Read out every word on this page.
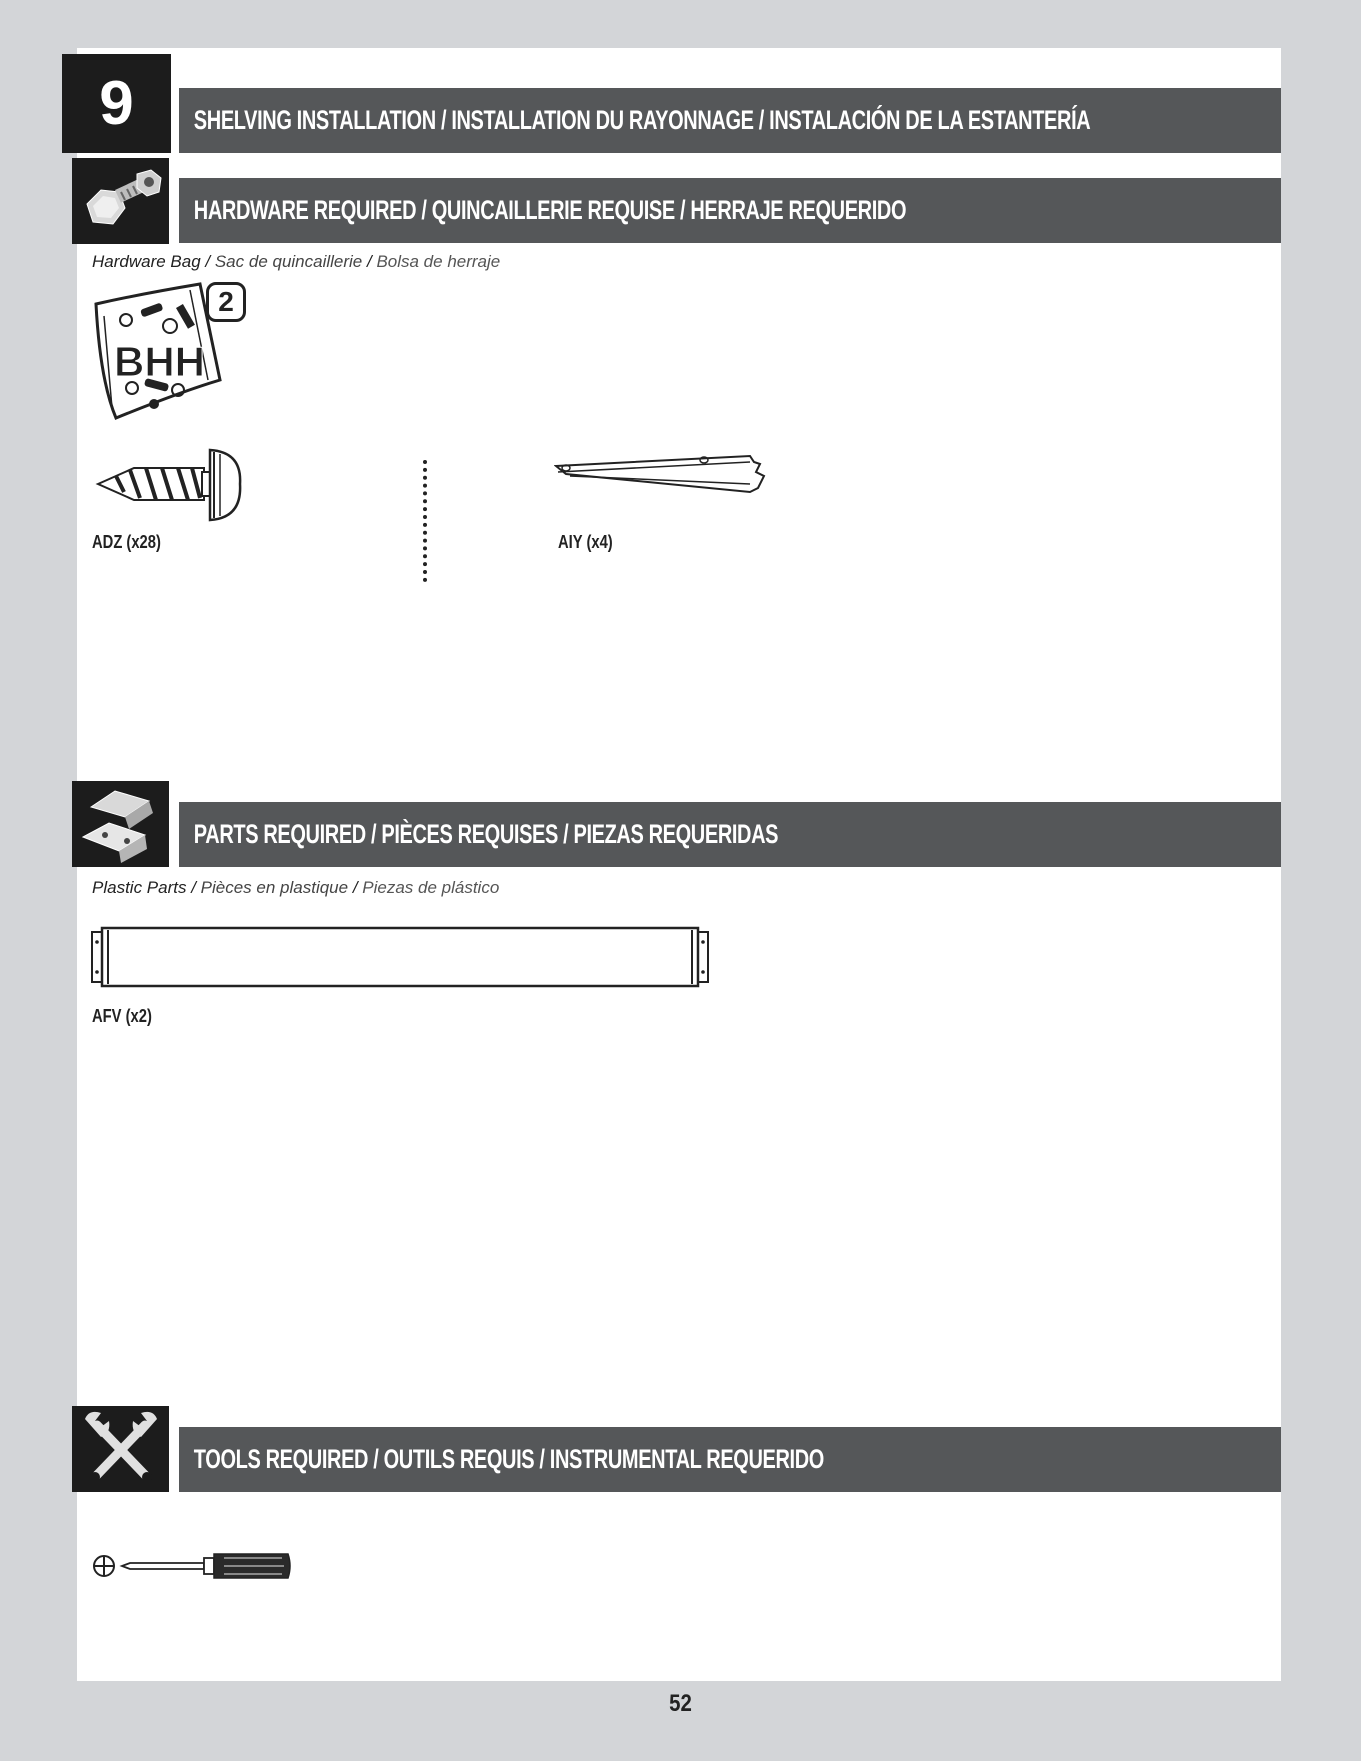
9	SHELVING INSTALLATION / INSTALLATION DU RAYONNAGE / INSTALACIÓN DE LA ESTANTERÍA
HARDWARE REQUIRED / QUINCAILLERIE REQUISE / HERRAJE REQUERIDO
Hardware Bag / Sac de quincaillerie / Bolsa de herraje
BHH
2
ADZ (x28)	AIY (x4)
PARTS REQUIRED / PIÈCES REQUISES / PIEZAS REQUERIDAS
Plastic Parts / Pièces en plastique / Piezas de plástico
AFV (x2)
TOOLS REQUIRED / OUTILS REQUIS / INSTRUMENTAL REQUERIDO
52
